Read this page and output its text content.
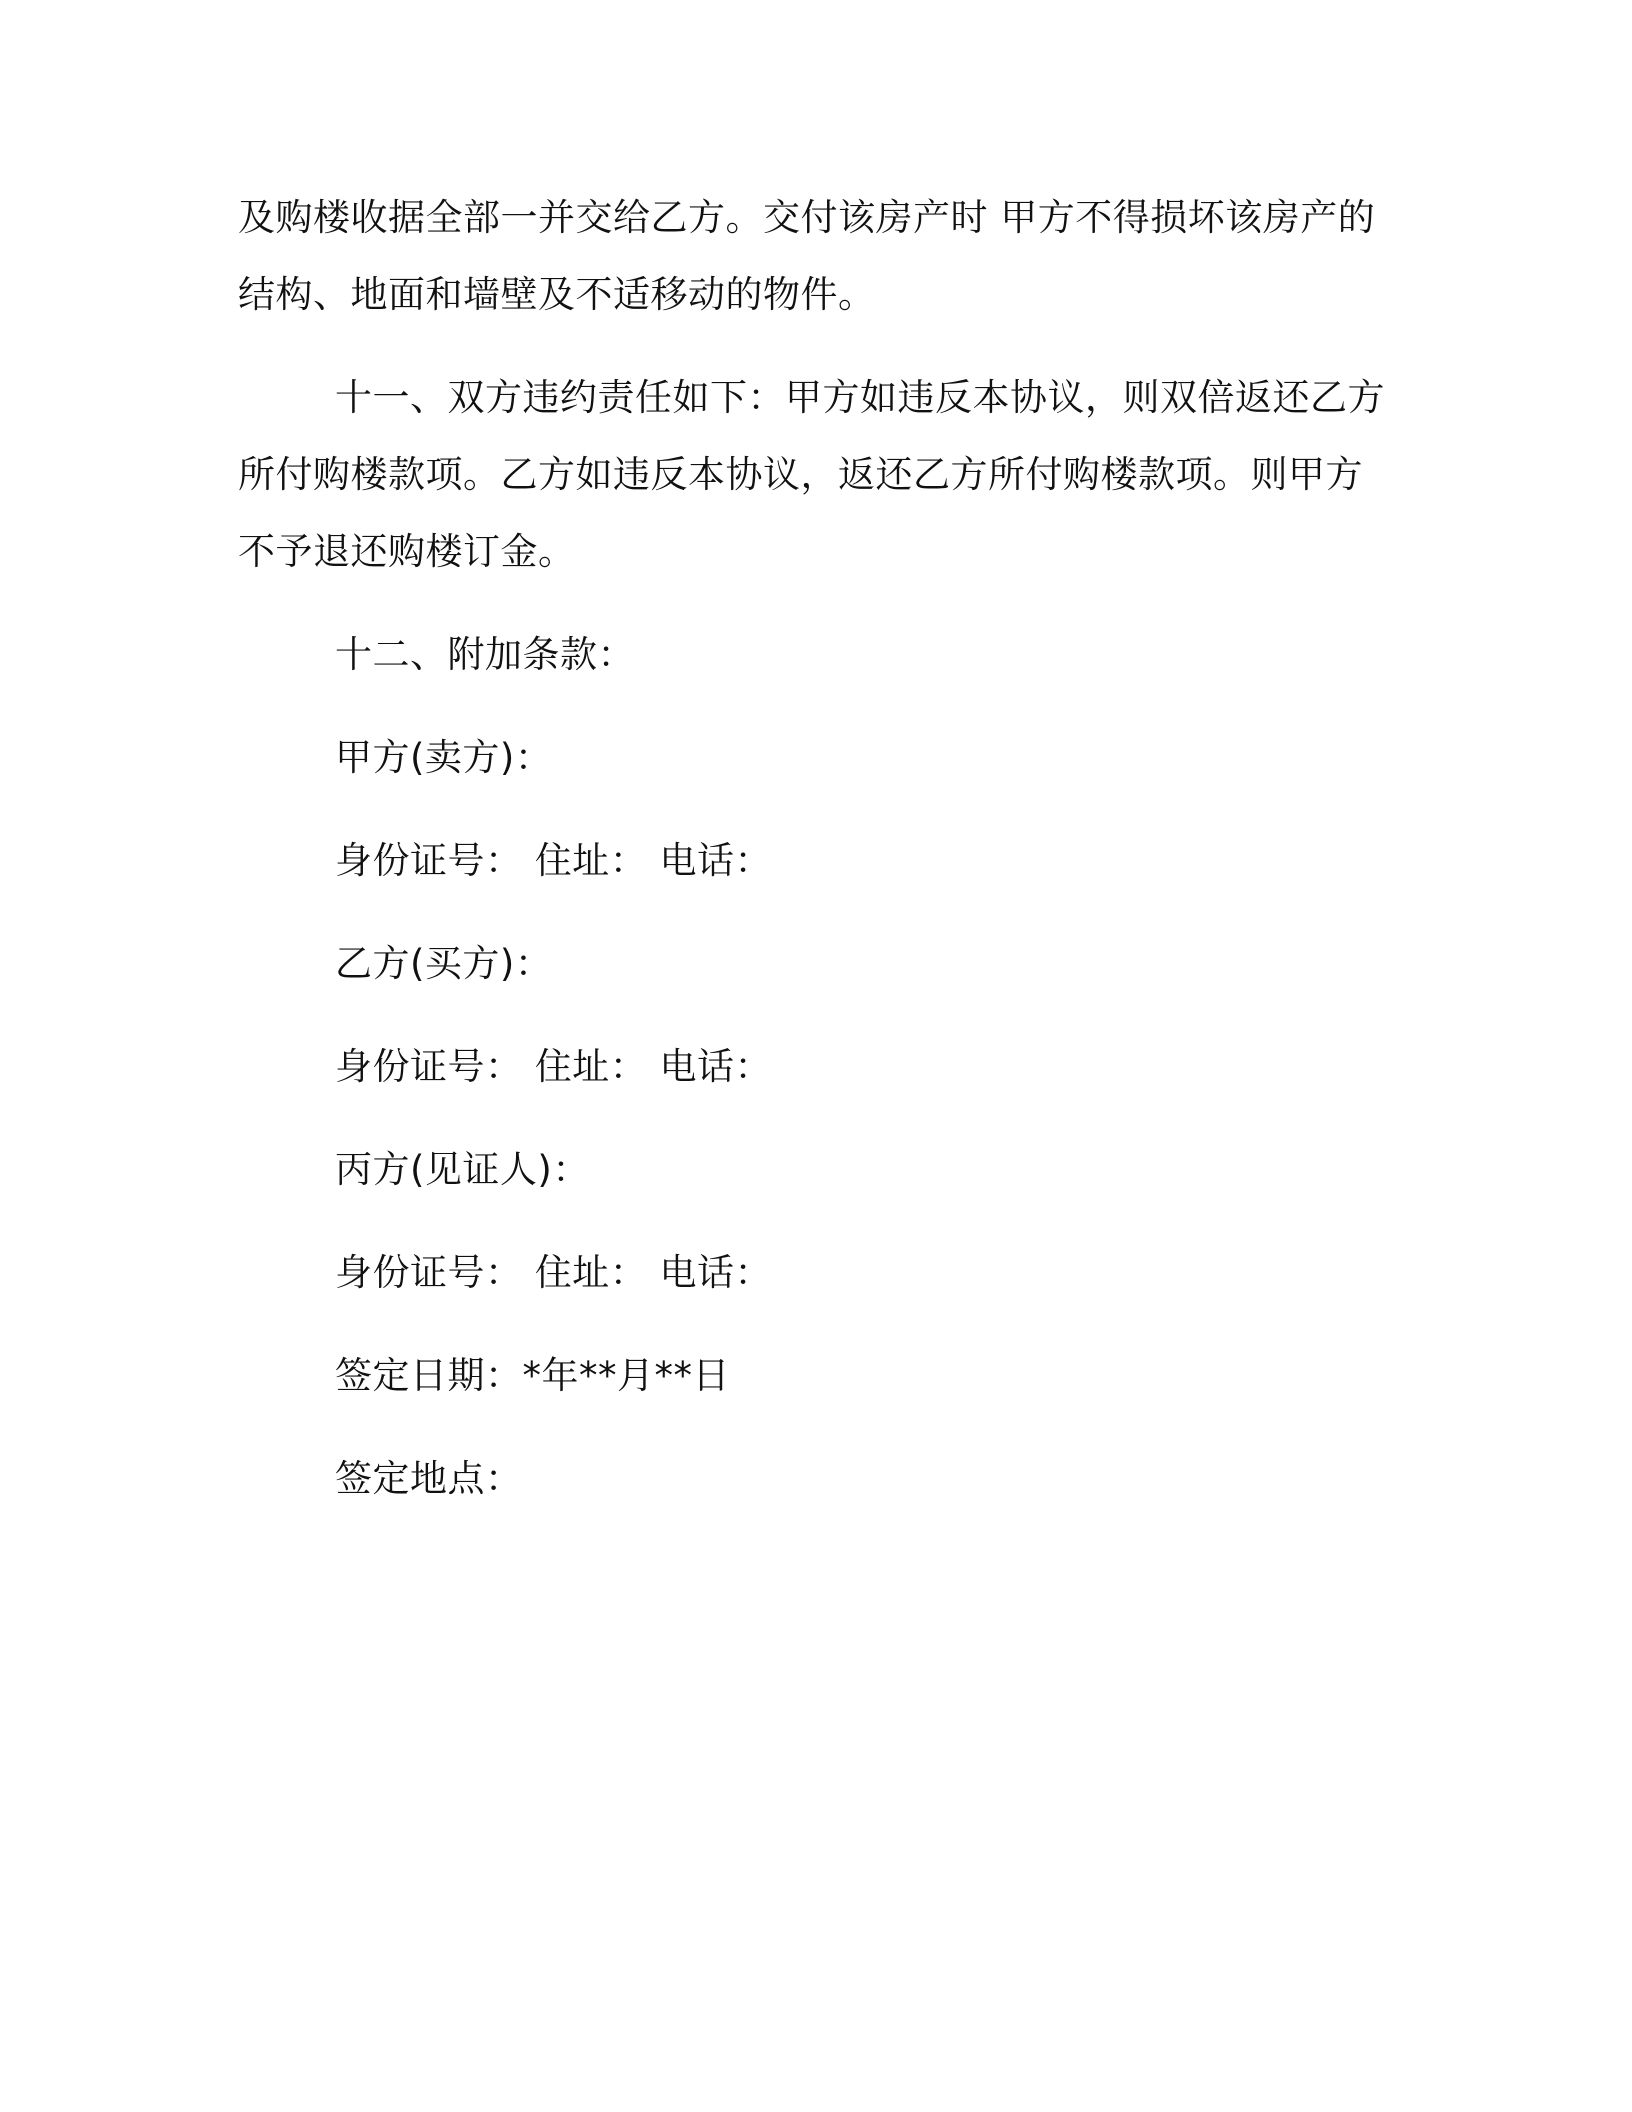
及购楼收据全部一并交给乙方。交付该房产时 甲方不得损坏该房产的
结构、地面和墙壁及不适移动的物件。
十一、双方违约责任如下：甲方如违反本协议，则双倍返还乙方
所付购楼款项。乙方如违反本协议，返还乙方所付购楼款项。则甲方
不予退还购楼订金。
十二、附加条款：
甲方(卖方)：
身份证号： 住址： 电话：
乙方(买方)：
身份证号： 住址： 电话：
丙方(见证人)：
身份证号： 住址： 电话：
签定日期：*年**月**日
签定地点：
